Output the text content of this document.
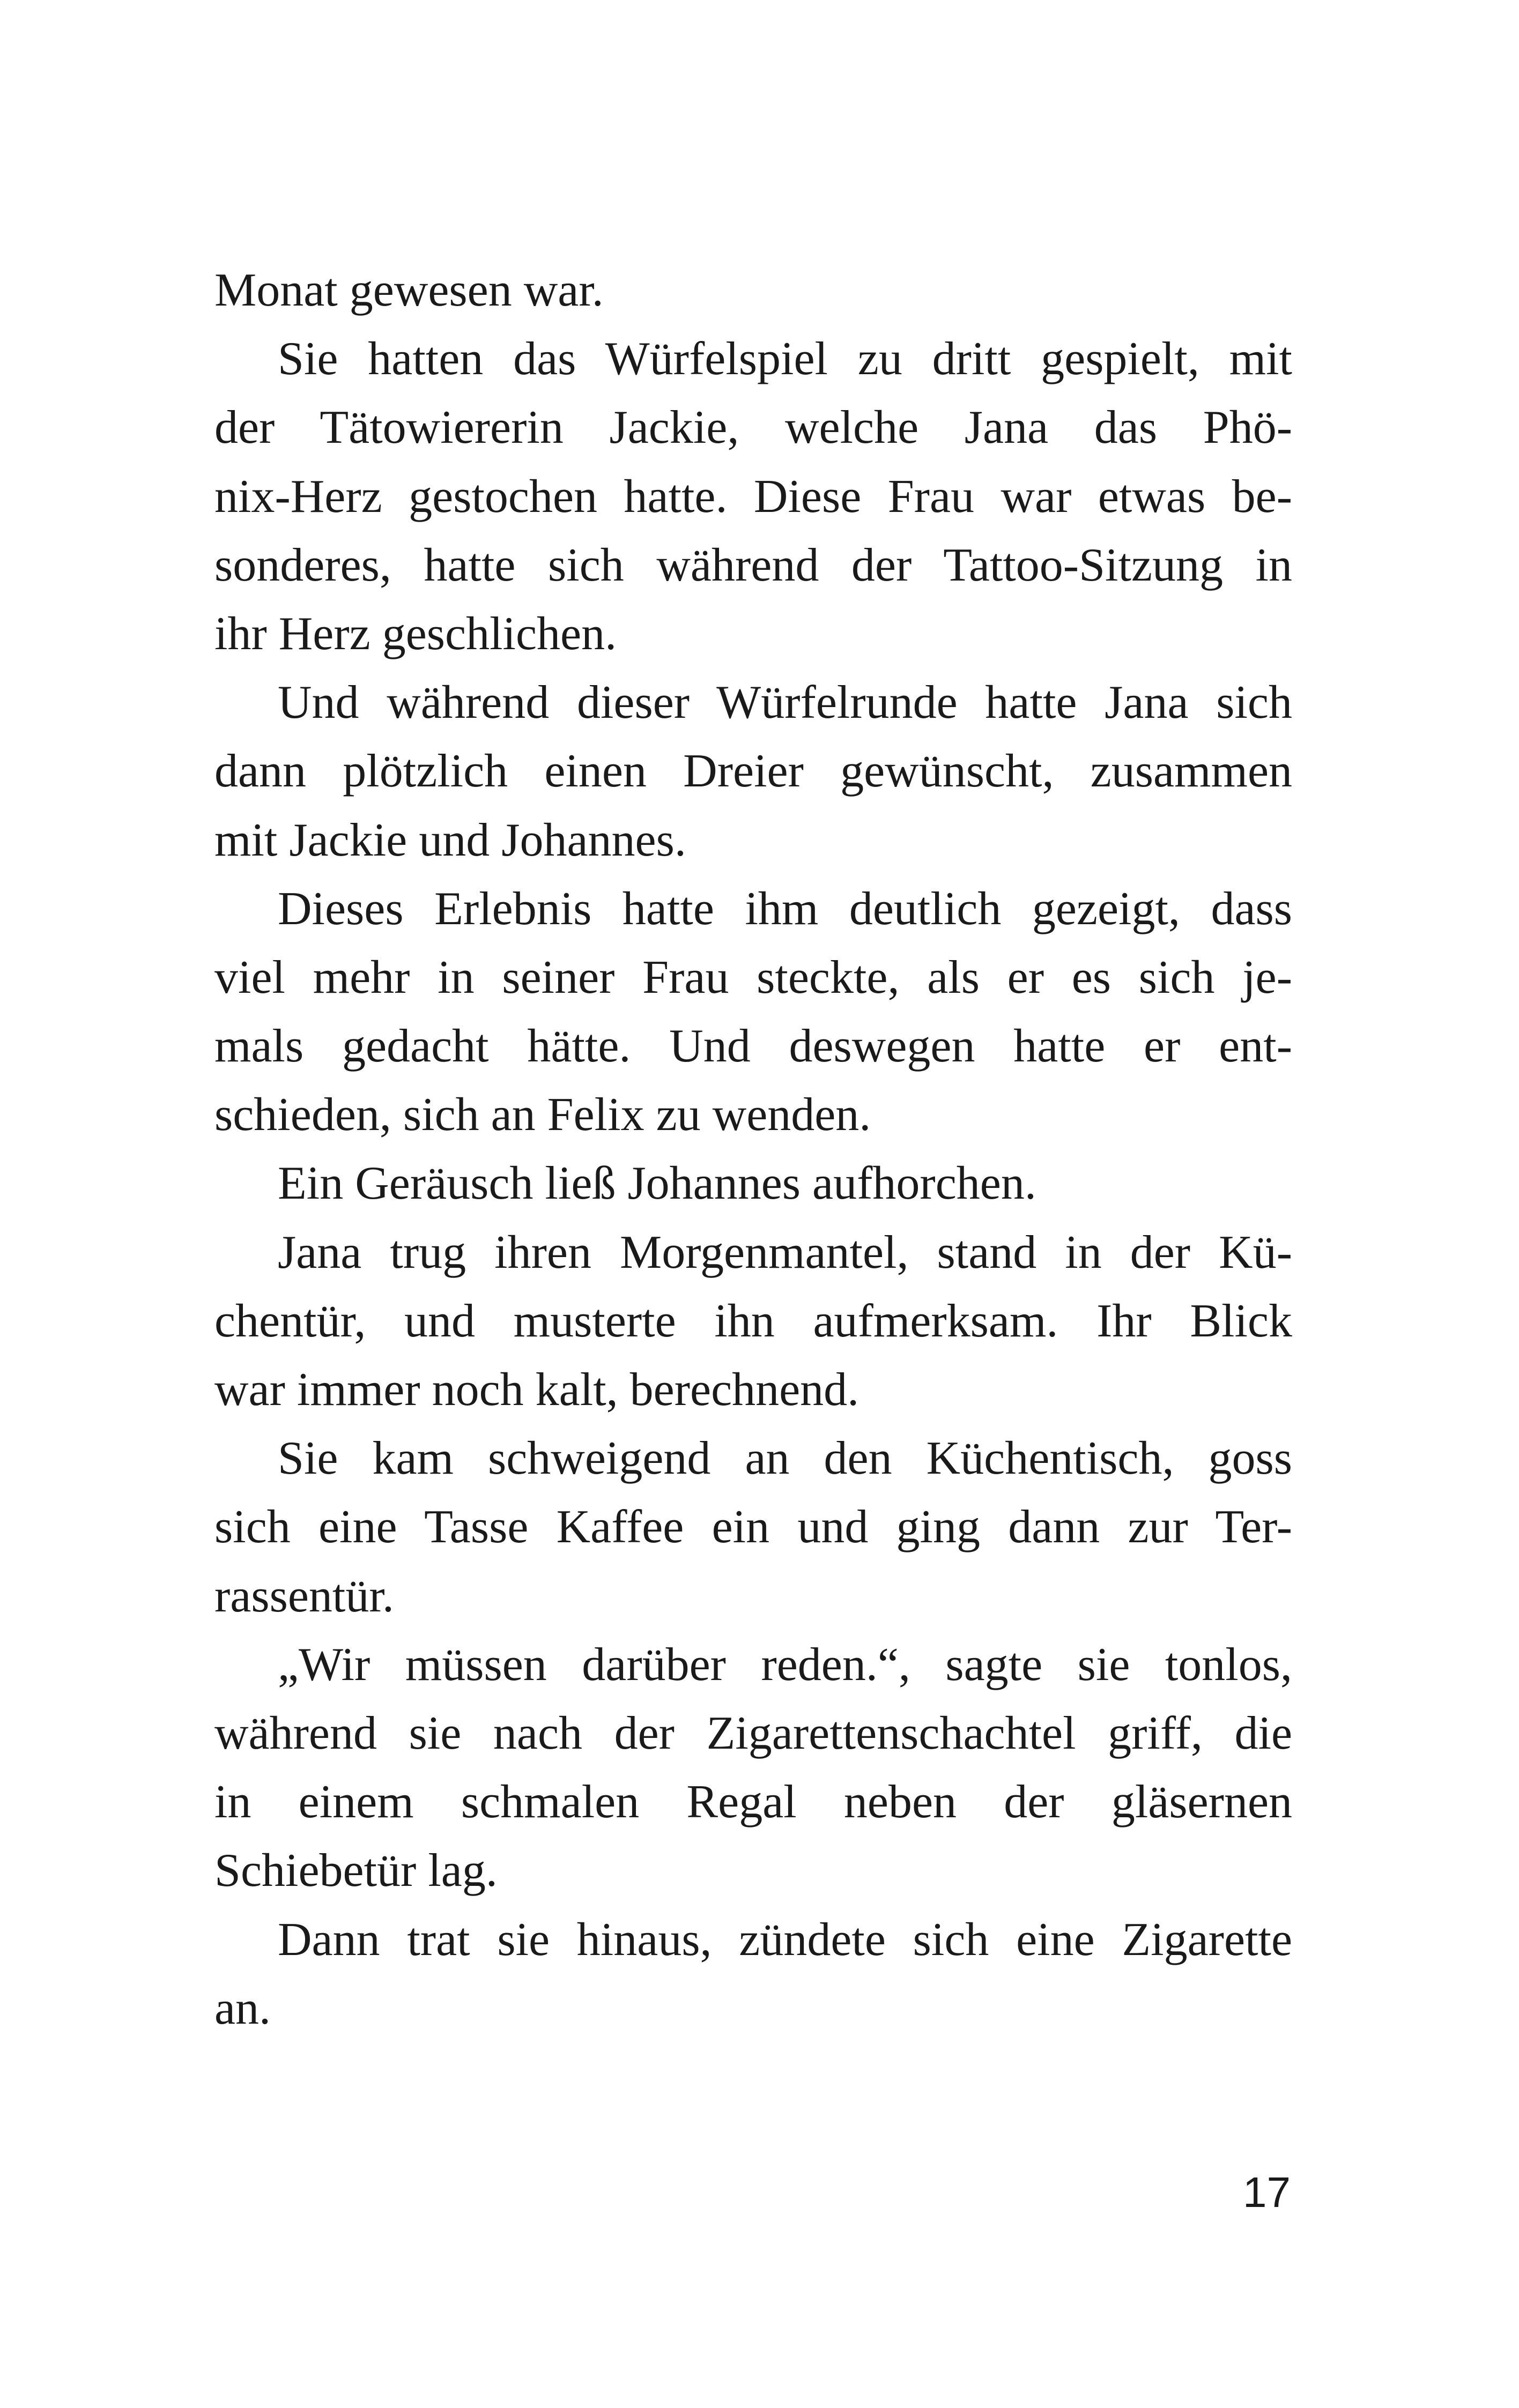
Monat gewesen war.
Sie hatten das Würfelspiel zu dritt gespielt, mit
der Tätowiererin Jackie, welche Jana das Phö-
nix-Herz gestochen hatte. Diese Frau war etwas be-
sonderes, hatte sich während der Tattoo-Sitzung in
ihr Herz geschlichen.
Und während dieser Würfelrunde hatte Jana sich
dann plötzlich einen Dreier gewünscht, zusammen
mit Jackie und Johannes.
Dieses Erlebnis hatte ihm deutlich gezeigt, dass
viel mehr in seiner Frau steckte, als er es sich je-
mals gedacht hätte. Und deswegen hatte er ent-
schieden, sich an Felix zu wenden.
Ein Geräusch ließ Johannes aufhorchen.
Jana trug ihren Morgenmantel, stand in der Kü-
chentür, und musterte ihn aufmerksam. Ihr Blick
war immer noch kalt, berechnend.
Sie kam schweigend an den Küchentisch, goss
sich eine Tasse Kaffee ein und ging dann zur Ter-
rassentür.
„Wir müssen darüber reden.“, sagte sie tonlos,
während sie nach der Zigarettenschachtel griff, die
in einem schmalen Regal neben der gläsernen
Schiebetür lag.
Dann trat sie hinaus, zündete sich eine Zigarette
an.
17
